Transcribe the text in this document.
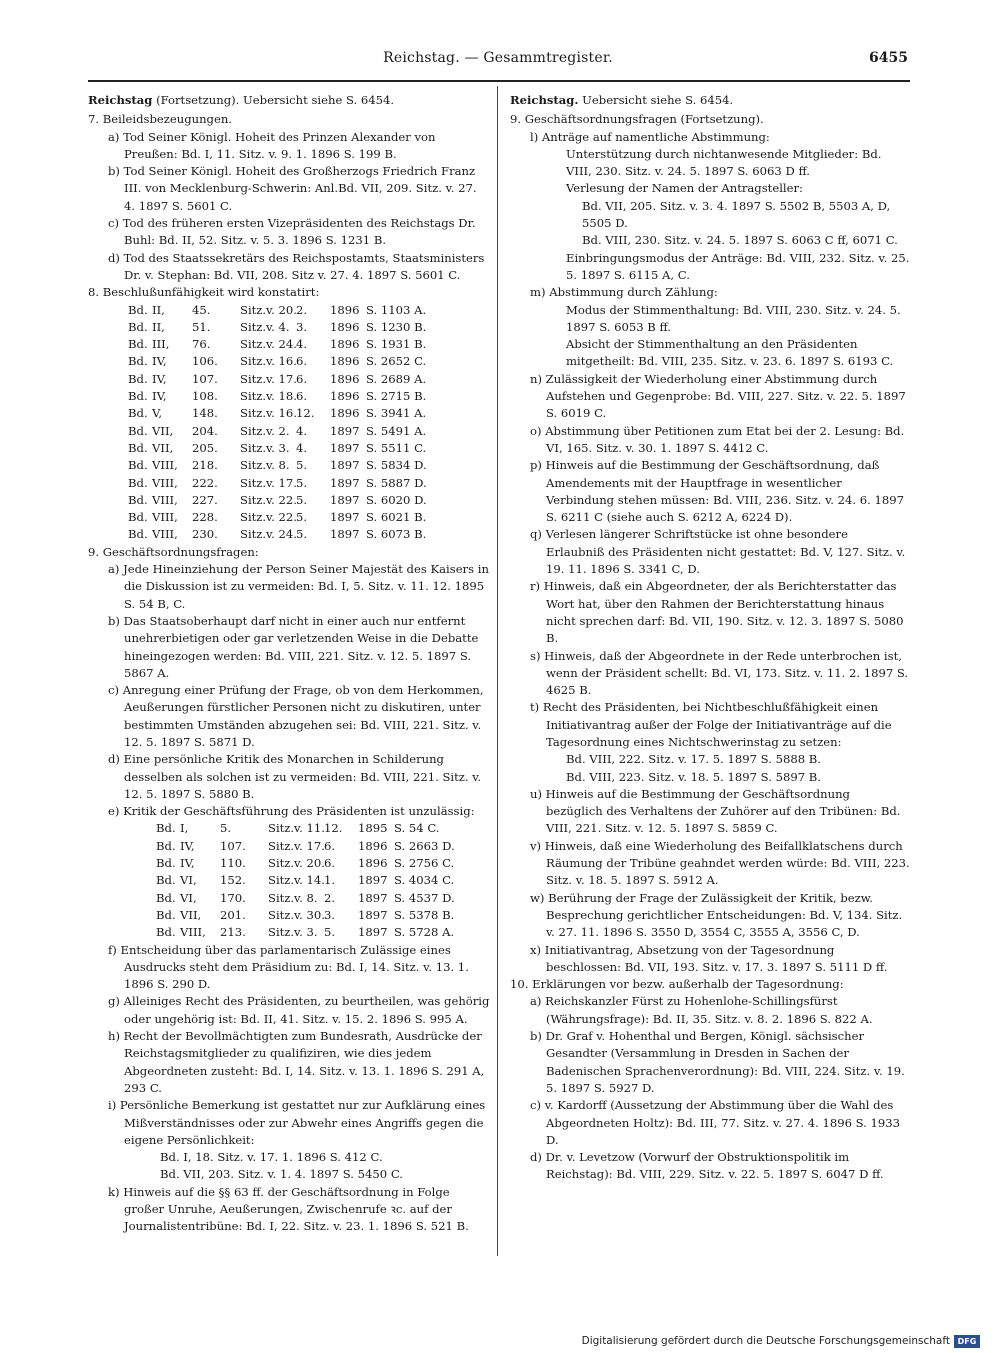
Reichstag. — Gesammtregister.	6455
Reichstag (Fortsetzung). Uebersicht siehe S. 6454.
7. Beileidsbezeugungen.
a) Tod Seiner Königl. Hoheit des Prinzen Alexander von Preußen: Bd. I, 11. Sitz. v. 9. 1. 1896 S. 199 B.
b) Tod Seiner Königl. Hoheit des Großherzogs Friedrich Franz III. von Mecklenburg-Schwerin: Anl.Bd. VII, 209. Sitz. v. 27. 4. 1897 S. 5601 C.
c) Tod des früheren ersten Vizepräsidenten des Reichstags Dr. Buhl: Bd. II, 52. Sitz. v. 5. 3. 1896 S. 1231 B.
d) Tod des Staatssekretärs des Reichspostamts, Staatsministers Dr. v. Stephan: Bd. VII, 208. Sitz v. 27. 4. 1897 S. 5601 C.
8. Beschlußunfähigkeit wird konstatirt:
Bd. II,	45.	Sitz. v. 20. 2.	1896 S. 1103 A.
Bd. II,	51.	Sitz. v. 4. 3.	1896 S. 1230 B.
Bd. III,	76.	Sitz. v. 24. 4.	1896 S. 1931 B.
Bd. IV,	106.	Sitz. v. 16. 6.	1896 S. 2652 C.
Bd. IV,	107.	Sitz. v. 17. 6.	1896 S. 2689 A.
Bd. IV,	108.	Sitz. v. 18. 6.	1896 S. 2715 B.
Bd. V,	148.	Sitz. v. 16. 12.	1896 S. 3941 A.
Bd. VII,	204.	Sitz. v. 2. 4.	1897 S. 5491 A.
Bd. VII,	205.	Sitz. v. 3. 4.	1897 S. 5511 C.
Bd. VIII,	218.	Sitz. v. 8. 5.	1897 S. 5834 D.
Bd. VIII,	222.	Sitz. v. 17. 5.	1897 S. 5887 D.
Bd. VIII,	227.	Sitz. v. 22. 5.	1897 S. 6020 D.
Bd. VIII,	228.	Sitz. v. 22. 5.	1897 S. 6021 B.
Bd. VIII,	230.	Sitz. v. 24. 5.	1897 S. 6073 B.
9. Geschäftsordnungsfragen:
a) Jede Hineinziehung der Person Seiner Majestät des Kaisers in die Diskussion ist zu vermeiden: Bd. I, 5. Sitz. v. 11. 12. 1895 S. 54 B, C.
b) Das Staatsoberhaupt darf nicht in einer auch nur entfernt unehrerbietigen oder gar verletzenden Weise in die Debatte hineingezogen werden: Bd. VIII, 221. Sitz. v. 12. 5. 1897 S. 5867 A.
c) Anregung einer Prüfung der Frage, ob von dem Herkommen, Aeußerungen fürstlicher Personen nicht zu diskutiren, unter bestimmten Umständen abzugehen sei: Bd. VIII, 221. Sitz. v. 12. 5. 1897 S. 5871 D.
d) Eine persönliche Kritik des Monarchen in Schilderung desselben als solchen ist zu vermeiden: Bd. VIII, 221. Sitz. v. 12. 5. 1897 S. 5880 B.
e) Kritik der Geschäftsführung des Präsidenten ist unzulässig:
Bd. I,	5.	Sitz. v. 11. 12.	1895 S. 54 C.
Bd. IV,	107.	Sitz. v. 17. 6.	1896 S. 2663 D.
Bd. IV,	110.	Sitz. v. 20. 6.	1896 S. 2756 C.
Bd. VI,	152.	Sitz. v. 14. 1.	1897 S. 4034 C.
Bd. VI,	170.	Sitz. v. 8. 2.	1897 S. 4537 D.
Bd. VII,	201.	Sitz. v. 30. 3.	1897 S. 5378 B.
Bd. VIII,	213.	Sitz. v. 3. 5.	1897 S. 5728 A.
f) Entscheidung über das parlamentarisch Zulässige eines Ausdrucks steht dem Präsidium zu: Bd. I, 14. Sitz. v. 13. 1. 1896 S. 290 D.
g) Alleiniges Recht des Präsidenten, zu beurtheilen, was gehörig oder ungehörig ist: Bd. II, 41. Sitz. v. 15. 2. 1896 S. 995 A.
h) Recht der Bevollmächtigten zum Bundesrath, Ausdrücke der Reichstagsmitglieder zu qualifiziren, wie dies jedem Abgeordneten zusteht: Bd. I, 14. Sitz. v. 13. 1. 1896 S. 291 A, 293 C.
i) Persönliche Bemerkung ist gestattet nur zur Aufklärung eines Mißverständnisses oder zur Abwehr eines Angriffs gegen die eigene Persönlichkeit:
Bd. I, 18. Sitz. v. 17. 1. 1896 S. 412 C.
Bd. VII, 203. Sitz. v. 1. 4. 1897 S. 5450 C.
k) Hinweis auf die §§ 63 ff. der Geschäftsordnung in Folge großer Unruhe, Aeußerungen, Zwischenrufe ꝛc. auf der Journalistentribüne: Bd. I, 22. Sitz. v. 23. 1. 1896 S. 521 B.
Reichstag. Uebersicht siehe S. 6454.
9. Geschäftsordnungsfragen (Fortsetzung).
l) Anträge auf namentliche Abstimmung:
Unterstützung durch nichtanwesende Mitglieder: Bd. VIII, 230. Sitz. v. 24. 5. 1897 S. 6063 D ff.
Verlesung der Namen der Antragsteller:
Bd. VII, 205. Sitz. v. 3. 4. 1897 S. 5502 B, 5503 A, D, 5505 D.
Bd. VIII, 230. Sitz. v. 24. 5. 1897 S. 6063 C ff, 6071 C.
Einbringungsmodus der Anträge: Bd. VIII, 232. Sitz. v. 25. 5. 1897 S. 6115 A, C.
m) Abstimmung durch Zählung:
Modus der Stimmenthaltung: Bd. VIII, 230. Sitz. v. 24. 5. 1897 S. 6053 B ff.
Absicht der Stimmenthaltung an den Präsidenten mitgetheilt: Bd. VIII, 235. Sitz. v. 23. 6. 1897 S. 6193 C.
n) Zulässigkeit der Wiederholung einer Abstimmung durch Aufstehen und Gegenprobe: Bd. VIII, 227. Sitz. v. 22. 5. 1897 S. 6019 C.
o) Abstimmung über Petitionen zum Etat bei der 2. Lesung: Bd. VI, 165. Sitz. v. 30. 1. 1897 S. 4412 C.
p) Hinweis auf die Bestimmung der Geschäftsordnung, daß Amendements mit der Hauptfrage in wesentlicher Verbindung stehen müssen: Bd. VIII, 236. Sitz. v. 24. 6. 1897 S. 6211 C (siehe auch S. 6212 A, 6224 D).
q) Verlesen längerer Schriftstücke ist ohne besondere Erlaubniß des Präsidenten nicht gestattet: Bd. V, 127. Sitz. v. 19. 11. 1896 S. 3341 C, D.
r) Hinweis, daß ein Abgeordneter, der als Berichterstatter das Wort hat, über den Rahmen der Berichterstattung hinaus nicht sprechen darf: Bd. VII, 190. Sitz. v. 12. 3. 1897 S. 5080 B.
s) Hinweis, daß der Abgeordnete in der Rede unterbrochen ist, wenn der Präsident schellt: Bd. VI, 173. Sitz. v. 11. 2. 1897 S. 4625 B.
t) Recht des Präsidenten, bei Nichtbeschlußfähigkeit einen Initiativantrag außer der Folge der Initiativanträge auf die Tagesordnung eines Nichtschwerinstag zu setzen:
Bd. VIII, 222. Sitz. v. 17. 5. 1897 S. 5888 B.
Bd. VIII, 223. Sitz. v. 18. 5. 1897 S. 5897 B.
u) Hinweis auf die Bestimmung der Geschäftsordnung bezüglich des Verhaltens der Zuhörer auf den Tribünen: Bd. VIII, 221. Sitz. v. 12. 5. 1897 S. 5859 C.
v) Hinweis, daß eine Wiederholung des Beifallklatschens durch Räumung der Tribüne geahndet werden würde: Bd. VIII, 223. Sitz. v. 18. 5. 1897 S. 5912 A.
w) Berührung der Frage der Zulässigkeit der Kritik, bezw. Besprechung gerichtlicher Entscheidungen: Bd. V, 134. Sitz. v. 27. 11. 1896 S. 3550 D, 3554 C, 3555 A, 3556 C, D.
x) Initiativantrag, Absetzung von der Tagesordnung beschlossen: Bd. VII, 193. Sitz. v. 17. 3. 1897 S. 5111 D ff.
10. Erklärungen vor bezw. außerhalb der Tagesordnung:
a) Reichskanzler Fürst zu Hohenlohe-Schillingsfürst (Währungsfrage): Bd. II, 35. Sitz. v. 8. 2. 1896 S. 822 A.
b) Dr. Graf v. Hohenthal und Bergen, Königl. sächsischer Gesandter (Versammlung in Dresden in Sachen der Badenischen Sprachenverordnung): Bd. VIII, 224. Sitz. v. 19. 5. 1897 S. 5927 D.
c) v. Kardorff (Aussetzung der Abstimmung über die Wahl des Abgeordneten Holtz): Bd. III, 77. Sitz. v. 27. 4. 1896 S. 1933 D.
d) Dr. v. Levetzow (Vorwurf der Obstruktionspolitik im Reichstag): Bd. VIII, 229. Sitz. v. 22. 5. 1897 S. 6047 D ff.
Digitalisierung gefördert durch die Deutsche Forschungsgemeinschaft DFG
